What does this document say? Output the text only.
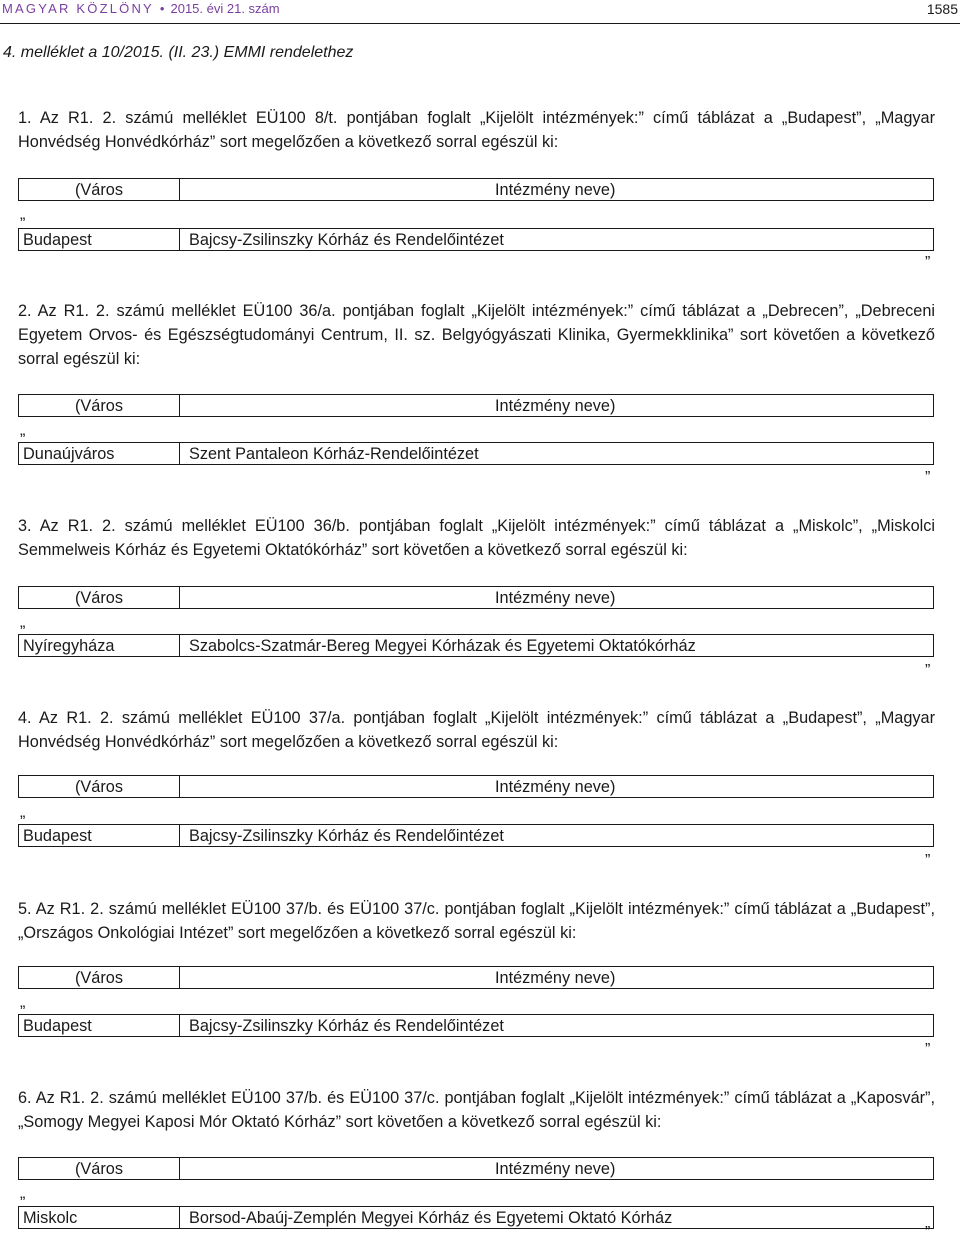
MAGYAR KÖZLÖNY • 2015. évi 21. szám	1585
4. melléklet a 10/2015. (II. 23.) EMMI rendelethez
1. Az R1. 2. számú melléklet EÜ100 8/t. pontjában foglalt „Kijelölt intézmények:” című táblázat a „Budapest”, „Magyar Honvédség Honvédkórház” sort megelőzően a következő sorral egészül ki:
(Város	Intézmény neve)
„
Budapest	Bajcsy-Zsilinszky Kórház és Rendelőintézet
”
2. Az R1. 2. számú melléklet EÜ100 36/a. pontjában foglalt „Kijelölt intézmények:” című táblázat a „Debrecen”, „Debreceni Egyetem Orvos- és Egészségtudományi Centrum, II. sz. Belgyógyászati Klinika, Gyermekklinika” sort követően a következő sorral egészül ki:
(Város	Intézmény neve)
„
Dunaújváros	Szent Pantaleon Kórház-Rendelőintézet
”
3. Az R1. 2. számú melléklet EÜ100 36/b. pontjában foglalt „Kijelölt intézmények:” című táblázat a „Miskolc”, „Miskolci Semmelweis Kórház és Egyetemi Oktatókórház” sort követően a következő sorral egészül ki:
(Város	Intézmény neve)
„
Nyíregyháza	Szabolcs-Szatmár-Bereg Megyei Kórházak és Egyetemi Oktatókórház
”
4. Az R1. 2. számú melléklet EÜ100 37/a. pontjában foglalt „Kijelölt intézmények:” című táblázat a „Budapest”, „Magyar Honvédség Honvédkórház” sort megelőzően a következő sorral egészül ki:
(Város	Intézmény neve)
„
Budapest	Bajcsy-Zsilinszky Kórház és Rendelőintézet
”
5. Az R1. 2. számú melléklet EÜ100 37/b. és EÜ100 37/c. pontjában foglalt „Kijelölt intézmények:” című táblázat a „Budapest”, „Országos Onkológiai Intézet” sort megelőzően a következő sorral egészül ki:
(Város	Intézmény neve)
„
Budapest	Bajcsy-Zsilinszky Kórház és Rendelőintézet
”
6. Az R1. 2. számú melléklet EÜ100 37/b. és EÜ100 37/c. pontjában foglalt „Kijelölt intézmények:” című táblázat a „Kaposvár”, „Somogy Megyei Kaposi Mór Oktató Kórház” sort követően a következő sorral egészül ki:
(Város	Intézmény neve)
„
Miskolc	Borsod-Abaúj-Zemplén Megyei Kórház és Egyetemi Oktató Kórház
”
